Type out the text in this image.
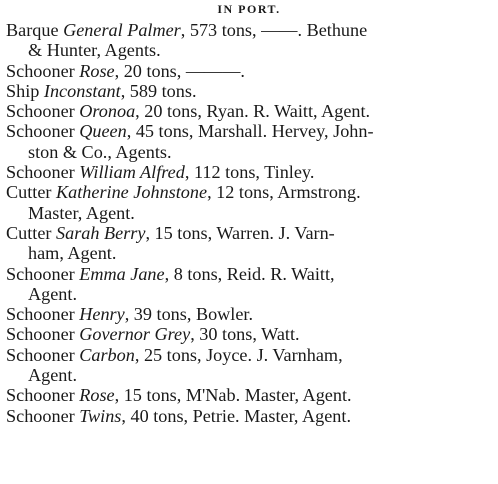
IN PORT.
Barque General Palmer, 573 tons, ——. Bethune
& Hunter, Agents.
Schooner Rose, 20 tons, ———.
Ship Inconstant, 589 tons.
Schooner Oronoa, 20 tons, Ryan. R. Waitt, Agent.
Schooner Queen, 45 tons, Marshall. Hervey, John-
ston & Co., Agents.
Schooner William Alfred, 112 tons, Tinley.
Cutter Katherine Johnstone, 12 tons, Armstrong.
Master, Agent.
Cutter Sarah Berry, 15 tons, Warren. J. Varn-
ham, Agent.
Schooner Emma Jane, 8 tons, Reid. R. Waitt,
Agent.
Schooner Henry, 39 tons, Bowler.
Schooner Governor Grey, 30 tons, Watt.
Schooner Carbon, 25 tons, Joyce. J. Varnham,
Agent.
Schooner Rose, 15 tons, M'Nab. Master, Agent.
Schooner Twins, 40 tons, Petrie. Master, Agent.
